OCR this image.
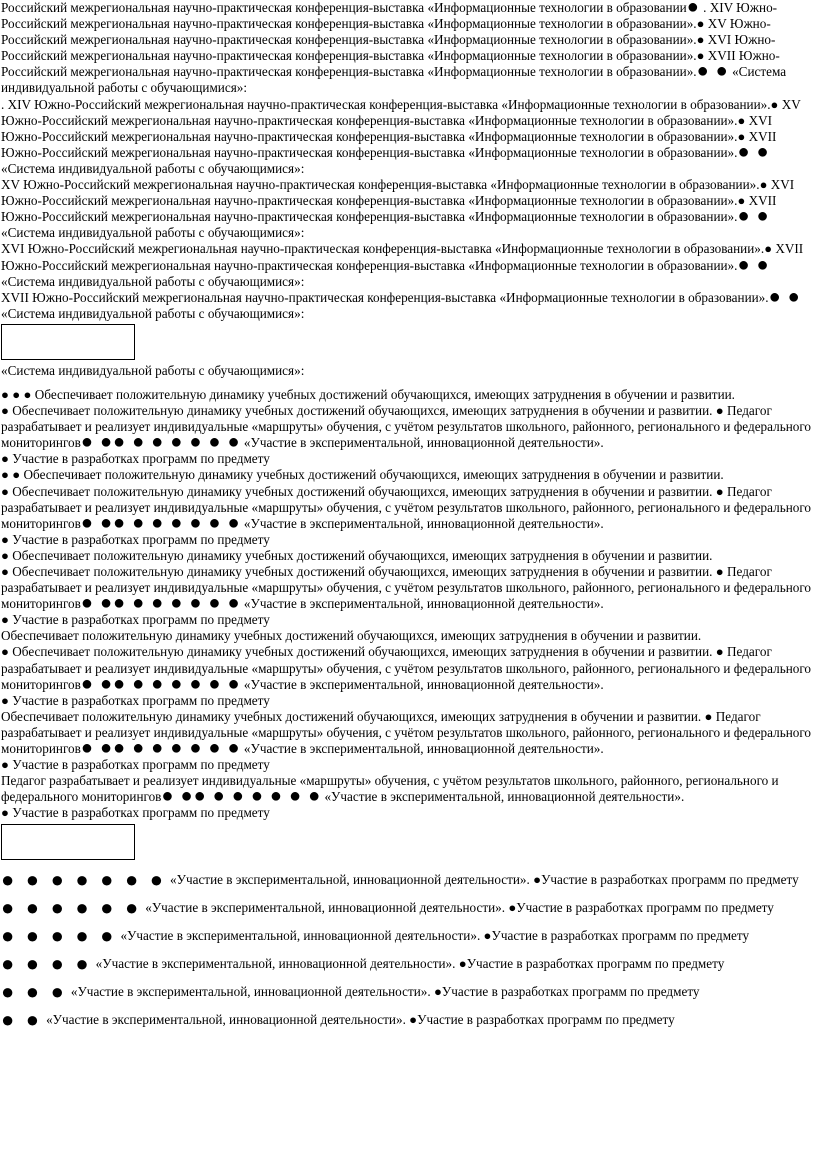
Российский межрегиональная научно-практическая конференция-выставка «Информационные технологии в образовании● . XIV Южно-Российский межрегиональная научно-практическая конференция-выставка «Информационные технологии в образовании».● XV Южно-Российский межрегиональная научно-практическая конференция-выставка «Информационные технологии в образовании».● XVI Южно-Российский межрегиональная научно-практическая конференция-выставка «Информационные технологии в образовании».● XVII Южно-Российский межрегиональная научно-практическая конференция-выставка «Информационные технологии в образовании».● ● «Система индивидуальной работы с обучающимися»:

. XIV Южно-Российский межрегиональная научно-практическая конференция-выставка «Информационные технологии в образовании».● XV Южно-Российский межрегиональная научно-практическая конференция-выставка «Информационные технологии в образовании».● XVI Южно-Российский межрегиональная научно-практическая конференция-выставка «Информационные технологии в образовании».● XVII Южно-Российский межрегиональная научно-практическая конференция-выставка «Информационные технологии в образовании».● ● «Система индивидуальной работы с обучающимися»:

XV Южно-Российский межрегиональная научно-практическая конференция-выставка «Информационные технологии в образовании».● XVI Южно-Российский межрегиональная научно-практическая конференция-выставка «Информационные технологии в образовании».● XVII Южно-Российский межрегиональная научно-практическая конференция-выставка «Информационные технологии в образовании».● ● «Система индивидуальной работы с обучающимися»:

XVI Южно-Российский межрегиональная научно-практическая конференция-выставка «Информационные технологии в образовании».● XVII Южно-Российский межрегиональная научно-практическая конференция-выставка «Информационные технологии в образовании».● ● «Система индивидуальной работы с обучающимися»:

XVII Южно-Российский межрегиональная научно-практическая конференция-выставка «Информационные технологии в образовании».● ● «Система индивидуальной работы с обучающимися»:

«Система индивидуальной работы с обучающимися»:

● ● ● Обеспечивает положительную динамику учебных достижений обучающихся, имеющих затруднения в обучении и развитии.
● Обеспечивает положительную динамику учебных достижений обучающихся, имеющих затруднения в обучении и развитии. ● Педагог разрабатывает и реализует индивидуальные «маршруты» обучения, с учётом результатов школьного, районного, регионального и федерального мониторингов● ●● ● ● ● ● ● ● «Участие в экспериментальной, инновационной деятельности».
● Участие в разработках программ по предмету

● ● Обеспечивает положительную динамику учебных достижений обучающихся, имеющих затруднения в обучении и развитии.
● Обеспечивает положительную динамику учебных достижений обучающихся, имеющих затруднения в обучении и развитии. ● Педагог разрабатывает и реализует индивидуальные «маршруты» обучения, с учётом результатов школьного, районного, регионального и федерального мониторингов● ●● ● ● ● ● ● ● «Участие в экспериментальной, инновационной деятельности».
● Участие в разработках программ по предмету

● Обеспечивает положительную динамику учебных достижений обучающихся, имеющих затруднения в обучении и развитии.
● Обеспечивает положительную динамику учебных достижений обучающихся, имеющих затруднения в обучении и развитии. ● Педагог разрабатывает и реализует индивидуальные «маршруты» обучения, с учётом результатов школьного, районного, регионального и федерального мониторингов● ●● ● ● ● ● ● ● «Участие в экспериментальной, инновационной деятельности».
● Участие в разработках программ по предмету

Обеспечивает положительную динамику учебных достижений обучающихся, имеющих затруднения в обучении и развитии.
● Обеспечивает положительную динамику учебных достижений обучающихся, имеющих затруднения в обучении и развитии. ● Педагог разрабатывает и реализует индивидуальные «маршруты» обучения, с учётом результатов школьного, районного, регионального и федерального мониторингов● ●● ● ● ● ● ● ● «Участие в экспериментальной, инновационной деятельности».
● Участие в разработках программ по предмету

Обеспечивает положительную динамику учебных достижений обучающихся, имеющих затруднения в обучении и развитии. ● Педагог разрабатывает и реализует индивидуальные «маршруты» обучения, с учётом результатов школьного, районного, регионального и федерального мониторингов● ●● ● ● ● ● ● ● «Участие в экспериментальной, инновационной деятельности».
● Участие в разработках программ по предмету

Педагог разрабатывает и реализует индивидуальные «маршруты» обучения, с учётом результатов школьного, районного, регионального и федерального мониторингов● ●● ● ● ● ● ● ● «Участие в экспериментальной, инновационной деятельности».
● Участие в разработках программ по предмету

● ● ● ● ● ● ● «Участие в экспериментальной, инновационной деятельности». ●Участие в разработках программ по предмету
● ● ● ● ● ● «Участие в экспериментальной, инновационной деятельности». ●Участие в разработках программ по предмету
● ● ● ● ● «Участие в экспериментальной, инновационной деятельности». ●Участие в разработках программ по предмету
● ● ● ● «Участие в экспериментальной, инновационной деятельности». ●Участие в разработках программ по предмету
● ● ● «Участие в экспериментальной, инновационной деятельности». ●Участие в разработках программ по предмету
● ● «Участие в экспериментальной, инновационной деятельности». ●Участие в разработках программ по предмету
